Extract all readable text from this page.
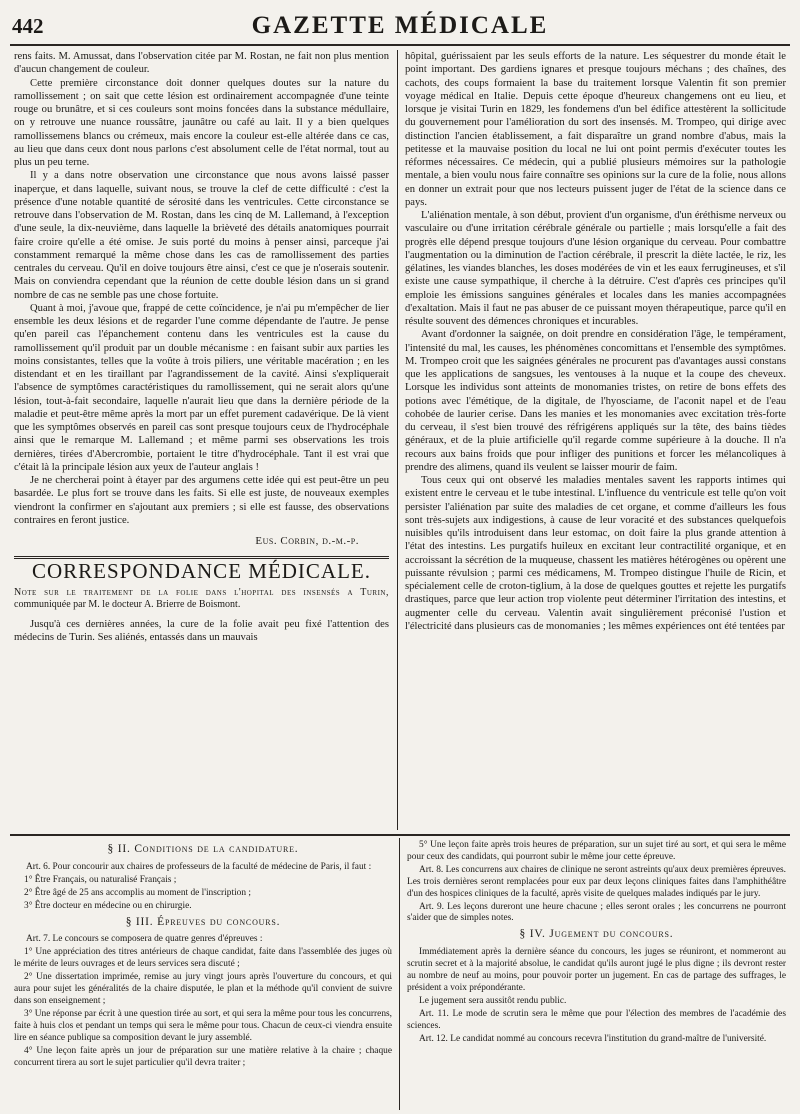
442	GAZETTE MÉDICALE

rens faits. M. Amussat, dans l'observation citée par M. Rostan, ne fait non plus mention d'aucun changement de couleur.

Cette première circonstance doit donner quelques doutes sur la nature du ramollissement ; on sait que cette lésion est ordinairement accompagnée d'une teinte rouge ou brunâtre, et si ces couleurs sont moins foncées dans la substance médullaire, on y retrouve une nuance roussâtre, jaunâtre ou café au lait. Il y a bien quelques ramollissemens blancs ou crémeux, mais encore la couleur est-elle altérée dans ce cas, au lieu que dans ceux dont nous parlons c'est absolument celle de l'état normal, tout au plus un peu terne.

Il y a dans notre observation une circonstance que nous avons laissé passer inaperçue, et dans laquelle, suivant nous, se trouve la clef de cette difficulté : c'est la présence d'une notable quantité de sérosité dans les ventricules. Cette circonstance se retrouve dans l'observation de M. Rostan, dans les cinq de M. Lallemand, à l'exception d'une seule, la dix-neuvième, dans laquelle la brièveté des détails anatomiques pourrait faire croire qu'elle a été omise. Je suis porté du moins à penser ainsi, parceque j'ai constamment remarqué la même chose dans les cas de ramollissement des parties centrales du cerveau. Qu'il en doive toujours être ainsi, c'est ce que je n'oserais soutenir. Mais on conviendra cependant que la réunion de cette double lésion dans un si grand nombre de cas ne semble pas une chose fortuite.

Quant à moi, j'avoue que, frappé de cette coïncidence, je n'ai pu m'empêcher de lier ensemble les deux lésions et de regarder l'une comme dépendante de l'autre. Je pense qu'en pareil cas l'épanchement contenu dans les ventricules est la cause du ramollissement qu'il produit par un double mécanisme : en faisant subir aux parties les moins consistantes, telles que la voûte à trois piliers, une véritable macération ; en les distendant et en les tiraillant par l'agrandissement de la cavité. Ainsi s'expliquerait l'absence de symptômes caractéristiques du ramollissement, qui ne serait alors qu'une lésion, tout-à-fait secondaire, laquelle n'aurait lieu que dans la dernière période de la maladie et peut-être même après la mort par un effet purement cadavérique. De là vient que les symptômes observés en pareil cas sont presque toujours ceux de l'hydrocéphale ainsi que le remarque M. Lallemand ; et même parmi ses observations les trois dernières, tirées d'Abercrombie, portaient le titre d'hydrocéphale. Tant il est vrai que c'était là la principale lésion aux yeux de l'auteur anglais !

Je ne chercherai point à étayer par des argumens cette idée qui est peut-être un peu basardée. Le plus fort se trouve dans les faits. Si elle est juste, de nouveaux exemples viendront la confirmer en s'ajoutant aux premiers ; si elle est fausse, des observations contraires en feront justice.

Eus. Corbin, d.-m.-p.
CORRESPONDANCE MÉDICALE.

Note sur le traitement de la folie dans l'hopital des insensés a Turin, communiquée par M. le docteur A. Brierre de Boismont.

Jusqu'à ces dernières années, la cure de la folie avait peu fixé l'attention des médecins de Turin. Ses aliénés, entassés dans un mauvais

hôpital, guérissaient par les seuls efforts de la nature. Les séquestrer du monde était le point important. Des gardiens ignares et presque toujours méchans ; des chaînes, des cachots, des coups formaient la base du traitement lorsque Valentin fit son premier voyage médical en Italie. Depuis cette époque d'heureux changemens ont eu lieu, et lorsque je visitai Turin en 1829, les fondemens d'un bel édifice attestèrent la sollicitude du gouvernement pour l'amélioration du sort des insensés. M. Trompeo, qui dirige avec distinction l'ancien établissement, a fait disparaître un grand nombre d'abus, mais la petitesse et la mauvaise position du local ne lui ont point permis d'exécuter toutes les réformes nécessaires. Ce médecin, qui a publié plusieurs mémoires sur la pathologie mentale, a bien voulu nous faire connaître ses opinions sur la cure de la folie, nous allons en donner un extrait pour que nos lecteurs puissent juger de l'état de la science dans ce pays.

L'aliénation mentale, à son début, provient d'un organisme, d'un éréthisme nerveux ou vasculaire ou d'une irritation cérébrale générale ou partielle ; mais lorsqu'elle a fait des progrès elle dépend presque toujours d'une lésion organique du cerveau. Pour combattre l'augmentation ou la diminution de l'action cérébrale, il prescrit la diète lactée, le riz, les gélatines, les viandes blanches, les doses modérées de vin et les eaux ferrugineuses, et s'il existe une cause sympathique, il cherche à la détruire. C'est d'après ces principes qu'il emploie les émissions sanguines générales et locales dans les manies accompagnées d'exaltation. Mais il faut ne pas abuser de ce puissant moyen thérapeutique, parce qu'il en résulte souvent des démences chroniques et incurables.

Avant d'ordonner la saignée, on doit prendre en considération l'âge, le tempérament, l'intensité du mal, les causes, les phénomènes concomittans et l'ensemble des symptômes. M. Trompeo croit que les saignées générales ne procurent pas d'avantages aussi constans que les applications de sangsues, les ventouses à la nuque et la coupe des cheveux. Lorsque les individus sont atteints de monomanies tristes, on retire de bons effets des potions avec l'émétique, de la digitale, de l'hyosciame, de l'aconit napel et de l'eau cohobée de laurier cerise. Dans les manies et les monomanies avec excitation très-forte du cerveau, il s'est bien trouvé des réfrigérens appliqués sur la tête, des bains tièdes généraux, et de la pluie artificielle qu'il regarde comme supérieure à la douche. Il n'a recours aux bains froids que pour infliger des punitions et forcer les mélancoliques à prendre des alimens, quand ils veulent se laisser mourir de faim.

Tous ceux qui ont observé les maladies mentales savent les rapports intimes qui existent entre le cerveau et le tube intestinal. L'influence du ventricule est telle qu'on voit persister l'aliénation par suite des maladies de cet organe, et comme d'ailleurs les fous sont très-sujets aux indigestions, à cause de leur voracité et des substances quelquefois nuisibles qu'ils introduisent dans leur estomac, on doit faire la plus grande attention à l'état des intestins. Les purgatifs huileux en excitant leur contractilité organique, et en accroissant la sécrétion de la muqueuse, chassent les matières hétérogènes ou opèrent une puissante révulsion ; parmi ces médicamens, M. Trompeo distingue l'huile de Ricin, et spécialement celle de croton-tiglium, à la dose de quelques gouttes et rejette les purgatifs drastiques, parce que leur action trop violente peut déterminer l'irritation des intestins, et augmenter celle du cerveau. Valentin avait singulièrement préconisé l'ustion et l'électricité dans plusieurs cas de monomanies ; les mêmes expériences ont été tentées par

§ II. Conditions de la candidature.

Art. 6. Pour concourir aux chaires de professeurs de la faculté de médecine de Paris, il faut :

1° Être Français, ou naturalisé Français ;

2° Être âgé de 25 ans accomplis au moment de l'inscription ;

3° Être docteur en médecine ou en chirurgie.

§ III. Épreuves du concours.

Art. 7. Le concours se composera de quatre genres d'épreuves :

1° Une appréciation des titres antérieurs de chaque candidat, faite dans l'assemblée des juges où le mérite de leurs ouvrages et de leurs services sera discuté ;

2° Une dissertation imprimée, remise au jury vingt jours après l'ouverture du concours, et qui aura pour sujet les généralités de la chaire disputée, le plan et la méthode qu'il convient de suivre dans son enseignement ;

3° Une réponse par écrit à une question tirée au sort, et qui sera la même pour tous les concurrens, faite à huis clos et pendant un temps qui sera le même pour tous. Chacun de ceux-ci viendra ensuite lire en séance publique sa composition devant le jury assemblé.

4° Une leçon faite après un jour de préparation sur une matière relative à la chaire ; chaque concurrent tirera au sort le sujet particulier qu'il devra traiter ;

5° Une leçon faite après trois heures de préparation, sur un sujet tiré au sort, et qui sera le même pour ceux des candidats, qui pourront subir le même jour cette épreuve.

Art. 8. Les concurrens aux chaires de clinique ne seront astreints qu'aux deux premières épreuves. Les trois dernières seront remplacées pour eux par deux leçons cliniques faites dans l'amphithéâtre d'un des hospices cliniques de la faculté, après visite de quelques malades indiqués par le jury.

Art. 9. Les leçons dureront une heure chacune ; elles seront orales ; les concurrens ne pourront s'aider que de simples notes.

§ IV. Jugement du concours.

Immédiatement après la dernière séance du concours, les juges se réuniront, et nommeront au scrutin secret et à la majorité absolue, le candidat qu'ils auront jugé le plus digne ; ils devront rester au nombre de neuf au moins, pour pouvoir porter un jugement. En cas de partage des suffrages, le président a voix prépondérante.

Le jugement sera aussitôt rendu public.

Art. 11. Le mode de scrutin sera le même que pour l'élection des membres de l'académie des sciences.

Art. 12. Le candidat nommé au concours recevra l'institution du grand-maître de l'université.
